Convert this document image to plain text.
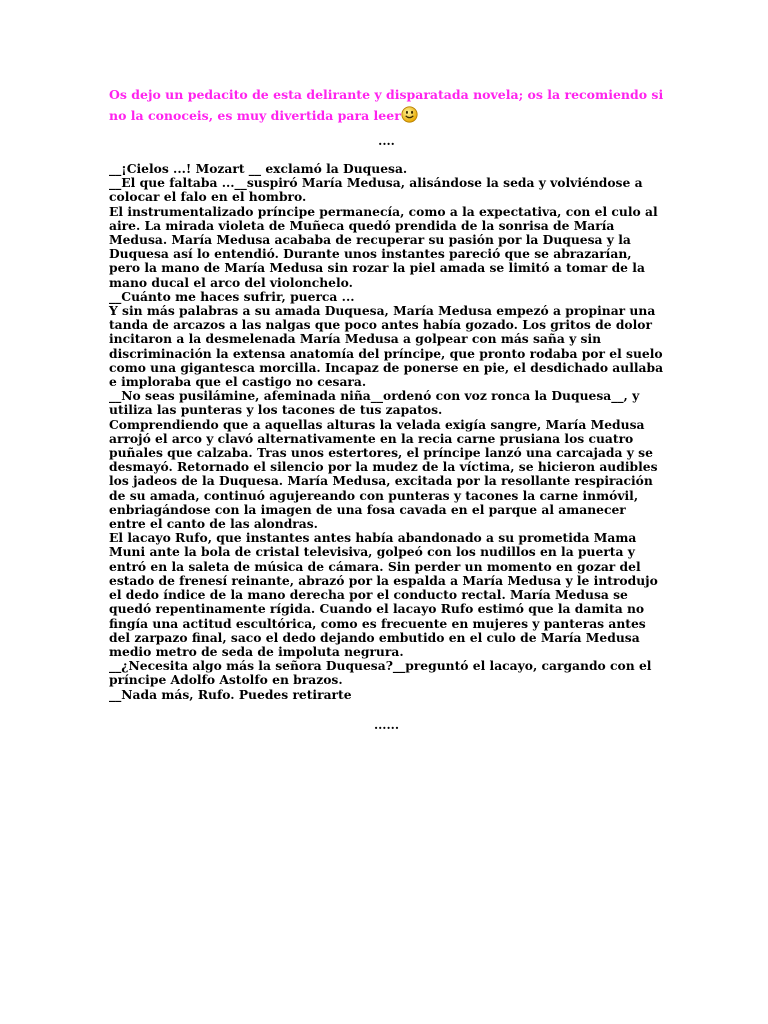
Os dejo un pedacito de esta delirante y disparatada novela; os la recomiendo si no la conoceis, es muy divertida para leer

....

__¡Cielos ...! Mozart __ exclamó la Duquesa.

__El que faltaba ...__suspiró María Medusa, alisándose la seda y volviéndose a colocar el falo en el hombro.

El instrumentalizado príncipe permanecía, como a la expectativa, con el culo al aire. La mirada violeta de Muñeca quedó prendida de la sonrisa de María Medusa. María Medusa acababa de recuperar su pasión por la Duquesa y la Duquesa así lo entendió. Durante unos instantes pareció que se abrazarían, pero la mano de María Medusa sin rozar la piel amada se limitó a tomar de la mano ducal el arco del violonchelo.

__Cuánto me haces sufrir, puerca ...

Y sin más palabras a su amada Duquesa, María Medusa empezó a propinar una tanda de arcazos a las nalgas que poco antes había gozado. Los gritos de dolor incitaron a la desmelenada María Medusa a golpear con más saña y sin discriminación la extensa anatomía del príncipe, que pronto rodaba por el suelo como una gigantesca morcilla. Incapaz de ponerse en pie, el desdichado aullaba e imploraba que el castigo no cesara.

__No seas pusilámine, afeminada niña__ordenó con voz ronca la Duquesa__, y utiliza las punteras y los tacones de tus zapatos.

Comprendiendo que a aquellas alturas la velada exigía sangre, María Medusa arrojó el arco y clavó alternativamente en la recia carne prusiana los cuatro puñales que calzaba. Tras unos estertores, el príncipe lanzó una carcajada y se desmayó. Retornado el silencio por la mudez de la víctima, se hicieron audibles los jadeos de la Duquesa. María Medusa, excitada por la resollante respiración de su amada, continuó agujereando con punteras y tacones la carne inmóvil, enbriagándose con la imagen de una fosa cavada en el parque al amanecer entre el canto de las alondras.

El lacayo Rufo, que instantes antes había abandonado a su prometida Mama Muni ante la bola de cristal televisiva, golpeó con los nudillos en la puerta y entró en la saleta de música de cámara. Sin perder un momento en gozar del estado de frenesí reinante, abrazó por la espalda a María Medusa y le introdujo el dedo índice de la mano derecha por el conducto rectal. María Medusa se quedó repentinamente rígida. Cuando el lacayo Rufo estimó que la damita no fingía una actitud escultórica, como es frecuente en mujeres y panteras antes del zarpazo final, saco el dedo dejando embutido en el culo de María Medusa medio metro de seda de impoluta negrura.

__¿Necesita algo más la señora Duquesa?__preguntó el lacayo, cargando con el príncipe Adolfo Astolfo en brazos.

__Nada más, Rufo. Puedes retirarte

......
